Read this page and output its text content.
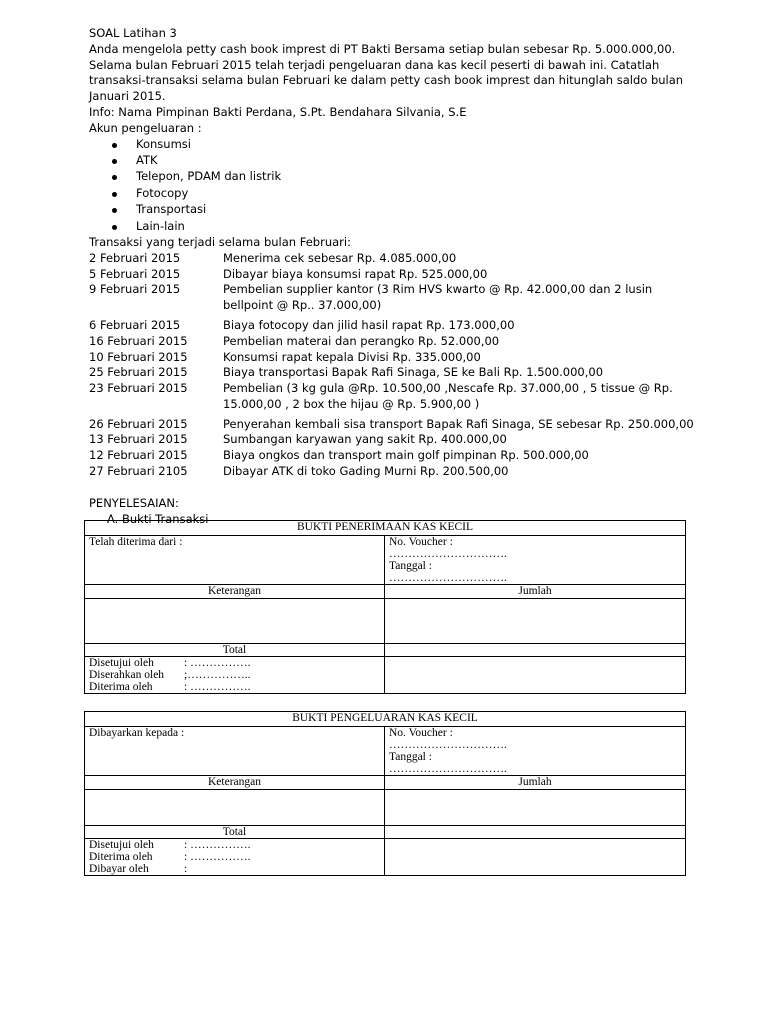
SOAL Latihan 3

Anda mengelola petty cash book imprest di PT Bakti Bersama setiap bulan sebesar Rp. 5.000.000,00.

Selama bulan Februari 2015 telah terjadi pengeluaran dana kas kecil peserti di bawah ini. Catatlah

transaksi-transaksi selama bulan Februari ke dalam petty cash book imprest dan hitunglah saldo bulan

Januari 2015.

Info: Nama Pimpinan Bakti Perdana, S.Pt. Bendahara Silvania, S.E

Akun pengeluaran :

Konsumsi
ATK
Telepon, PDAM dan listrik
Fotocopy
Transportasi
Lain-lain

Transaksi yang terjadi selama bulan Februari:

2 Februari 2015	Menerima cek sebesar Rp. 4.085.000,00
5 Februari 2015	Dibayar biaya konsumsi rapat Rp. 525.000,00
9 Februari 2015	Pembelian supplier kantor (3 Rim HVS kwarto @ Rp. 42.000,00 dan 2 lusin
bellpoint @ Rp.. 37.000,00)
6 Februari 2015	Biaya fotocopy dan jilid hasil rapat Rp. 173.000,00
16 Februari 2015	Pembelian materai dan perangko Rp. 52.000,00
10 Februari 2015	Konsumsi rapat kepala Divisi Rp. 335.000,00
25 Februari 2015	Biaya transportasi Bapak Rafi Sinaga, SE ke Bali Rp. 1.500.000,00
23 Februari 2015	Pembelian (3 kg gula @Rp. 10.500,00 ,Nescafe Rp. 37.000,00 , 5 tissue @ Rp.
15.000,00 , 2 box the hijau @ Rp. 5.900,00 )
26 Februari 2015	Penyerahan kembali sisa transport Bapak Rafi Sinaga, SE sebesar Rp. 250.000,00
13 Februari 2015	Sumbangan karyawan yang sakit Rp. 400.000,00
12 Februari 2015	Biaya ongkos dan transport main golf pimpinan Rp. 500.000,00
27 Februari 2105	Dibayar ATK di toko Gading Murni Rp. 200.500,00

PENYELESAIAN:

A. Bukti Transaksi

BUKTI PENERIMAAN KAS KECIL	
Telah diterima dari :	No. Voucher :
………………………….
Tanggal :
………………………….

Keterangan	Jumlah

Total	

Disetujui oleh : …………….
Diserahkan oleh ;……………..
Diterima oleh : …………….	

BUKTI PENGELUARAN KAS KECIL	
Dibayarkan kepada :	No. Voucher :
………………………….
Tanggal :
………………………….

Keterangan	Jumlah

Total	

Disetujui oleh : …………….
Diterima oleh : …………….
Dibayar oleh :	
